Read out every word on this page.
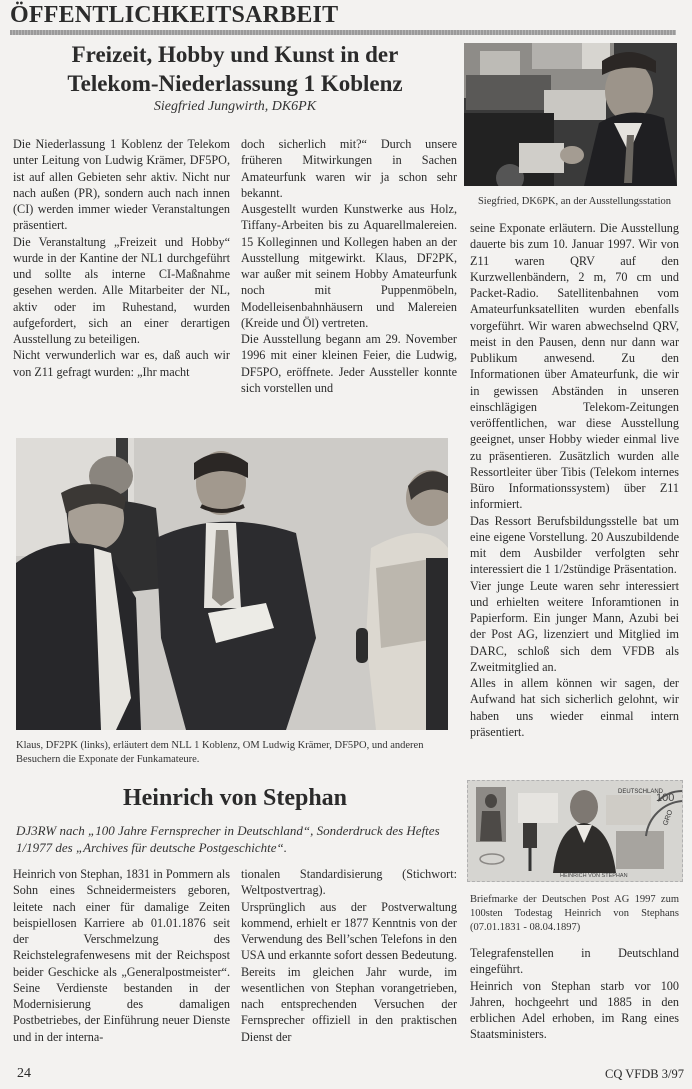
ÖFFENTLICHKEITSARBEIT
Freizeit, Hobby und Kunst in der
Telekom-Niederlassung 1 Koblenz
Siegfried Jungwirth, DK6PK

Die Niederlassung 1 Koblenz der Telekom unter Leitung von Ludwig Krämer, DF5PO, ist auf allen Gebieten sehr aktiv. Nicht nur nach außen (PR), sondern auch nach innen (CI) werden immer wieder Veranstaltungen präsentiert.

Die Veranstaltung „Freizeit und Hobby“ wurde in der Kantine der NL1 durchgeführt und sollte als interne CI-Maßnahme gesehen werden. Alle Mitarbeiter der NL, aktiv oder im Ruhestand, wurden aufgefordert, sich an einer derartigen Ausstellung zu beteiligen.

Nicht verwunderlich war es, daß auch wir von Z11 gefragt wurden: „Ihr macht

doch sicherlich mit?“ Durch unsere früheren Mitwirkungen in Sachen Amateurfunk waren wir ja schon sehr bekannt.

Ausgestellt wurden Kunstwerke aus Holz, Tiffany-Arbeiten bis zu Aquarellmalereien. 15 Kolleginnen und Kollegen haben an der Ausstellung mitgewirkt. Klaus, DF2PK, war außer mit seinem Hobby Amateurfunk noch mit Puppenmöbeln, Modelleisenbahnhäusern und Malereien (Kreide und Öl) vertreten.

Die Ausstellung begann am 29. November 1996 mit einer kleinen Feier, die Ludwig, DF5PO, eröffnete. Jeder Aussteller konnte sich vorstellen und

Siegfried, DK6PK, an der Ausstellungsstation

seine Exponate erläutern. Die Ausstellung dauerte bis zum 10. Januar 1997. Wir von Z11 waren QRV auf den Kurzwellenbändern, 2 m, 70 cm und Packet-Radio. Satellitenbahnen vom Amateurfunksatelliten wurden ebenfalls vorgeführt. Wir waren abwechselnd QRV, meist in den Pausen, denn nur dann war Publikum anwesend. Zu den Informationen über Amateurfunk, die wir in gewissen Abständen in unseren einschlägigen Telekom-Zeitungen veröffentlichen, war diese Ausstellung geeignet, unser Hobby wieder einmal live zu präsentieren. Zusätzlich wurden alle Ressortleiter über Tibis (Telekom internes Büro Informationssystem) über Z11 informiert.

Das Ressort Berufsbildungsstelle bat um eine eigene Vorstellung. 20 Auszubildende mit dem Ausbilder verfolgten sehr interessiert die 1 1/2stündige Präsentation.

Vier junge Leute waren sehr interessiert und erhielten weitere Inforamtionen in Papierform. Ein junger Mann, Azubi bei der Post AG, lizenziert und Mitglied im DARC, schloß sich dem VFDB als Zweitmitglied an.

Alles in allem können wir sagen, der Aufwand hat sich sicherlich gelohnt, wir haben uns wieder einmal intern präsentiert.

Klaus, DF2PK (links), erläutert dem NLL 1 Koblenz, OM Ludwig Krämer, DF5PO, und anderen Besuchern die Exponate der Funkamateure.
Heinrich von Stephan
DJ3RW nach „100 Jahre Fernsprecher in Deutschland“, Sonderdruck des Heftes 1/1977 des „Archives für deutsche Postgeschichte“.

Heinrich von Stephan, 1831 in Pommern als Sohn eines Schneidermeisters geboren, leitete nach einer für damalige Zeiten beispiellosen Karriere ab 01.01.1876 seit der Verschmelzung des Reichstelegrafenwesens mit der Reichspost beider Geschicke als „Generalpostmeister“. Seine Verdienste bestanden in der Modernisierung des damaligen Postbetriebes, der Einführung neuer Dienste und in der interna-

tionalen Standardisierung (Stichwort: Weltpostvertrag).

Ursprünglich aus der Postverwaltung kommend, erhielt er 1877 Kenntnis von der Verwendung des Bell’schen Telefons in den USA und erkannte sofort dessen Bedeutung. Bereits im gleichen Jahr wurde, im wesentlichen von Stephan vorangetrieben, nach entsprechenden Versuchen der Fernsprecher offiziell in den praktischen Dienst der

DEUTSCHLAND
100
HEINRICH VON STEPHAN
GRO
Briefmarke der Deutschen Post AG 1997 zum 100sten Todestag Heinrich von Stephans (07.01.1831 - 08.04.1897)

Telegrafenstellen in Deutschland eingeführt.

Heinrich von Stephan starb vor 100 Jahren, hochgeehrt und 1885 in den erblichen Adel erhoben, im Rang eines Staatsministers.

24	CQ VFDB 3/97
